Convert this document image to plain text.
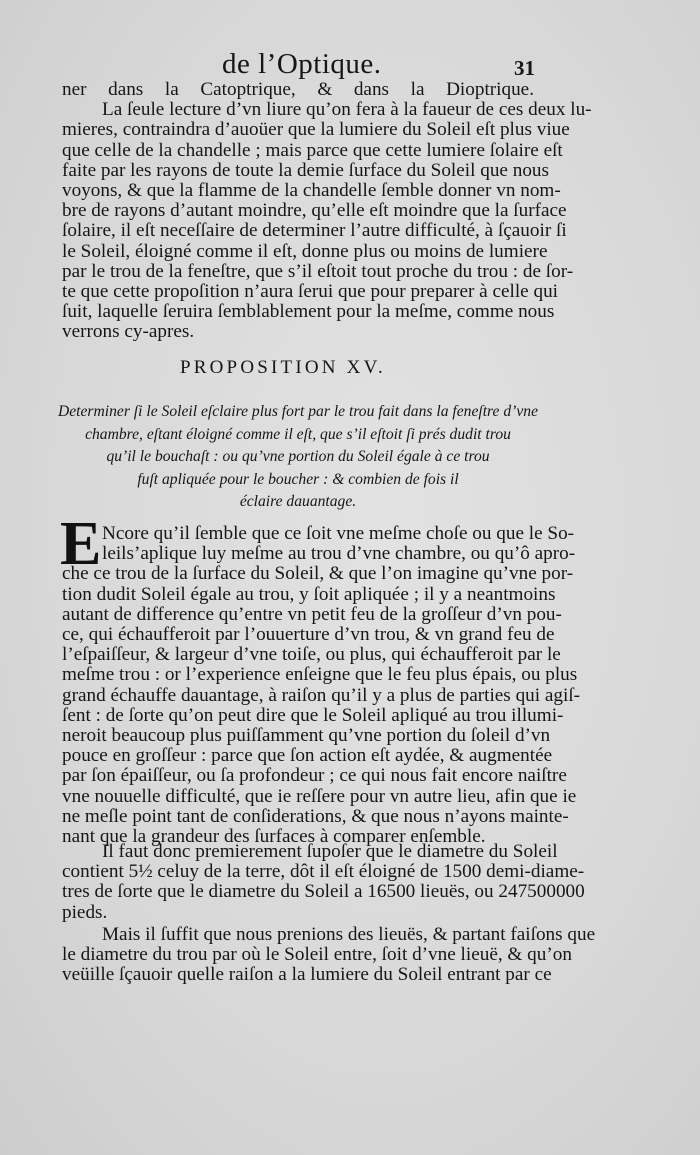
de l’Optique.	31
ner dans la Catoptrique, & dans la Dioptrique.
La ſeule lecture d’vn liure qu’on fera à la faueur de ces deux lu-
mieres, contraindra d’auoüer que la lumiere du Soleil eſt plus viue
que celle de la chandelle ; mais parce que cette lumiere ſolaire eſt
faite par les rayons de toute la demie ſurface du Soleil que nous
voyons, & que la flamme de la chandelle ſemble donner vn nom-
bre de rayons d’autant moindre, qu’elle eſt moindre que la ſurface
ſolaire, il eſt neceſſaire de determiner l’autre difficulté, à ſçauoir ſi
le Soleil, éloigné comme il eſt, donne plus ou moins de lumiere
par le trou de la feneſtre, que s’il eſtoit tout proche du trou : de ſor-
te que cette propoſition n’aura ſerui que pour preparer à celle qui
ſuit, laquelle ſeruira ſemblablement pour la meſme, comme nous
verrons cy-apres.
PROPOSITION XV.
Determiner ſi le Soleil eſclaire plus fort par le trou fait dans la feneſtre d’vne
chambre, eſtant éloigné comme il eſt, que s’il eſtoit ſi prés dudit trou
qu’il le bouchaſt : ou qu’vne portion du Soleil égale à ce trou
fuſt apliquée pour le boucher : & combien de fois il
éclaire dauantage.
E Ncore qu’il ſemble que ce ſoit vne meſme choſe ou que le So-
leils’aplique luy meſme au trou d’vne chambre, ou qu’ô apro-
che ce trou de la ſurface du Soleil, & que l’on imagine qu’vne por-
tion dudit Soleil égale au trou, y ſoit apliquée ; il y a neantmoins
autant de difference qu’entre vn petit feu de la groſſeur d’vn pou-
ce, qui échaufferoit par l’ouuerture d’vn trou, & vn grand feu de
l’eſpaiſſeur, & largeur d’vne toiſe, ou plus, qui échaufferoit par le
meſme trou : or l’experience enſeigne que le feu plus épais, ou plus
grand échauffe dauantage, à raiſon qu’il y a plus de parties qui agiſ-
ſent : de ſorte qu’on peut dire que le Soleil apliqué au trou illumi-
neroit beaucoup plus puiſſamment qu’vne portion du ſoleil d’vn
pouce en groſſeur : parce que ſon action eſt aydée, & augmentée
par ſon épaiſſeur, ou ſa profondeur ; ce qui nous fait encore naiſtre
vne nouuelle difficulté, que ie reſſere pour vn autre lieu, afin que ie
ne meſle point tant de conſiderations, & que nous n’ayons mainte-
nant que la grandeur des ſurfaces à comparer enſemble.
Il faut donc premierement ſupoſer que le diametre du Soleil
contient 5½ celuy de la terre, dôt il eſt éloigné de 1500 demi-diame-
tres de ſorte que le diametre du Soleil a 16500 lieuës, ou 247500000
pieds.
Mais il ſuffit que nous prenions des lieuës, & partant faiſons que
le diametre du trou par où le Soleil entre, ſoit d’vne lieuë, & qu’on
veüille ſçauoir quelle raiſon a la lumiere du Soleil entrant par ce
